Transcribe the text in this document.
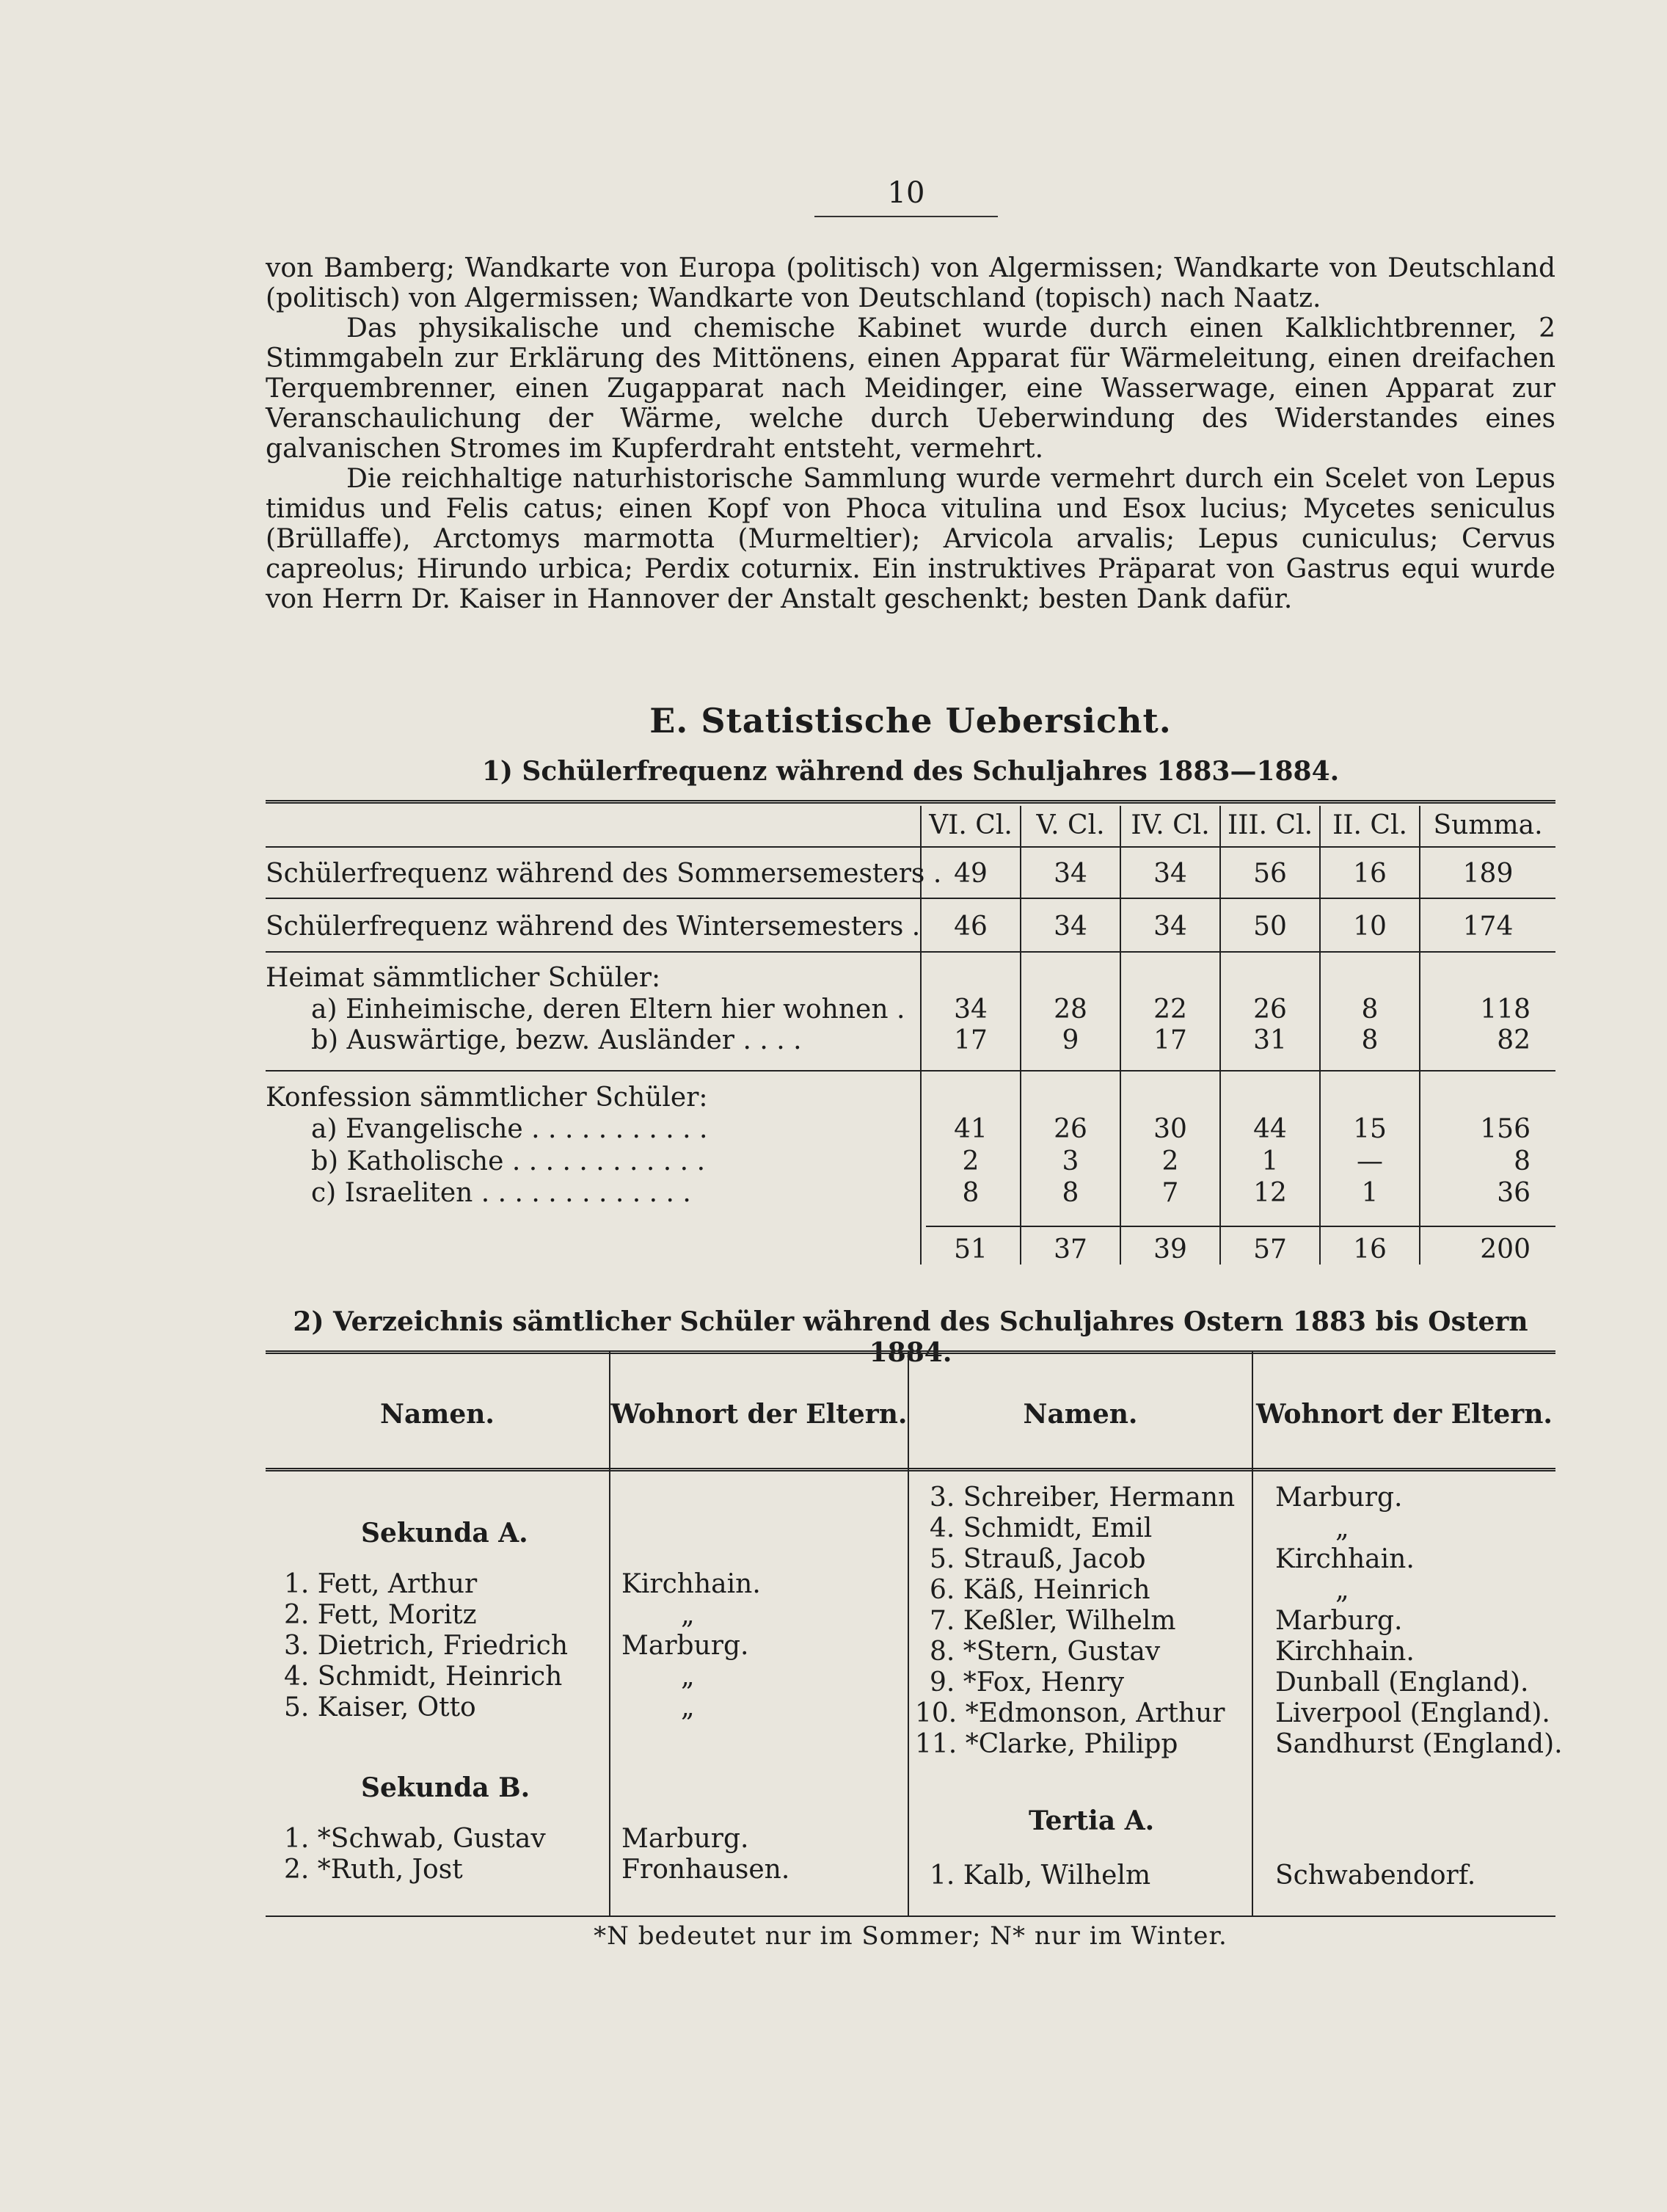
10

von Bamberg; Wandkarte von Europa (politisch) von Algermissen; Wandkarte von Deutschland (politisch) von Algermissen; Wandkarte von Deutschland (topisch) nach Naatz.

Das physikalische und chemische Kabinet wurde durch einen Kalklichtbrenner, 2 Stimmgabeln zur Erklärung des Mittönens, einen Apparat für Wärmeleitung, einen dreifachen Terquembrenner, einen Zugapparat nach Meidinger, eine Wasserwage, einen Apparat zur Veranschaulichung der Wärme, welche durch Ueberwindung des Widerstandes eines galvanischen Stromes im Kupferdraht entsteht, vermehrt.

Die reichhaltige naturhistorische Sammlung wurde vermehrt durch ein Scelet von Lepus timidus und Felis catus; einen Kopf von Phoca vitulina und Esox lucius; Mycetes seniculus (Brüllaffe), Arctomys marmotta (Murmeltier); Arvicola arvalis; Lepus cuniculus; Cervus capreolus; Hirundo urbica; Perdix coturnix. Ein instruktives Präparat von Gastrus equi wurde von Herrn Dr. Kaiser in Hannover der Anstalt geschenkt; besten Dank dafür.

E. Statistische Uebersicht.
1) Schülerfrequenz während des Schuljahres 1883—1884.
VI. Cl. V. Cl. IV. Cl. III. Cl. II. Cl. Summa.
Schülerfrequenz während des Sommersemesters . 49	34	34	56	16	189
Schülerfrequenz während des Wintersemesters .	46	34	34	50	10	174
Heimat sämmtlicher Schüler:
a) Einheimische, deren Eltern hier wohnen .	34	28	22	26	8	118
b) Auswärtige, bezw. Ausländer . . . .	17	9	17	31	8	82
Konfession sämmtlicher Schüler:
a) Evangelische . . . . . . . . . . .	41	26	30	44	15	156
b) Katholische . . . . . . . . . . . .	2	3	2	1	—	8
c) Israeliten . . . . . . . . . . . . .	8	8	7	12	1	36
51	37	39	57	16	200
2) Verzeichnis sämtlicher Schüler während des Schuljahres Ostern 1883 bis Ostern 1884.
Namen.	Wohnort der Eltern.	Namen.	Wohnort der Eltern.
Sekunda A.
1. Fett, Arthur	Kirchhain.
2. Fett, Moritz	„
3. Dietrich, Friedrich Marburg.
4. Schmidt, Heinrich	„
5. Kaiser, Otto	„
Sekunda B.
1. *Schwab, Gustav	Marburg.
2. *Ruth, Jost	Fronhausen.
3. Schreiber, Hermann Marburg.
4. Schmidt, Emil	„
5. Strauß, Jacob	Kirchhain.
6. Käß, Heinrich	„
7. Keßler, Wilhelm	Marburg.
8. *Stern, Gustav	Kirchhain.
9. *Fox, Henry	Dunball (England).
10. *Edmonson, Arthur Liverpool (England).
11. *Clarke, Philipp	Sandhurst (England).
Tertia A.
1. Kalb, Wilhelm	Schwabendorf.
*N bedeutet nur im Sommer; N* nur im Winter.
